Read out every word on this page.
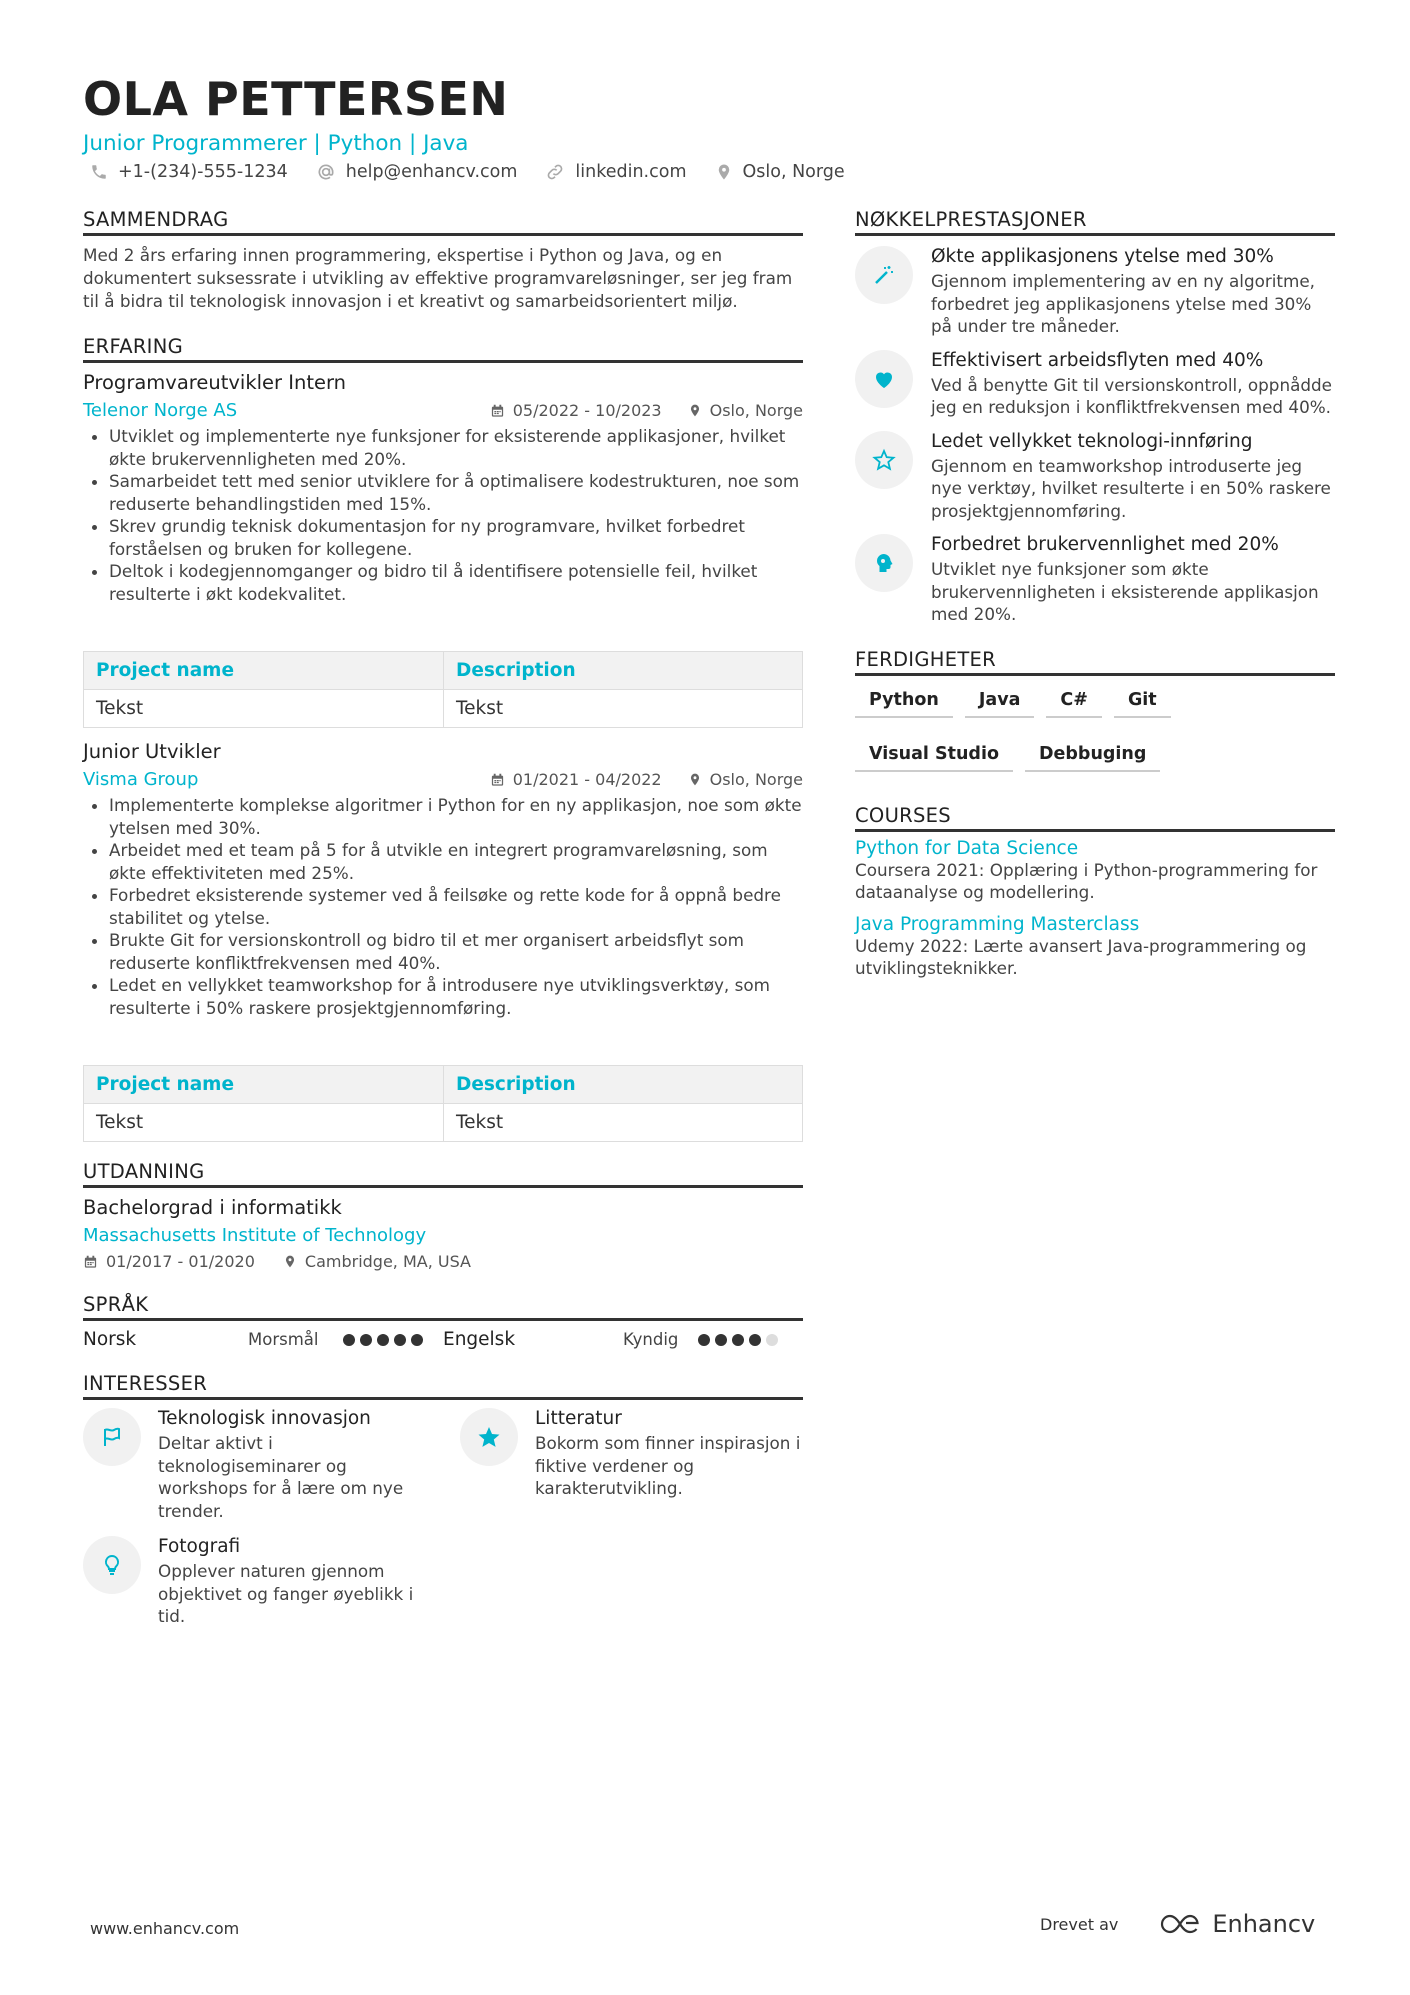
OLA PETTERSEN
Junior Programmerer | Python | Java
+1-(234)-555-1234	help@enhancv.com	linkedin.com	Oslo, Norge
SAMMENDRAG
Med 2 års erfaring innen programmering, ekspertise i Python og Java, og en dokumentert suksessrate i utvikling av effektive programvareløsninger, ser jeg fram til å bidra til teknologisk innovasjon i et kreativt og samarbeidsorientert miljø.
ERFARING
Programvareutvikler Intern
Telenor Norge AS	05/2022 - 10/2023	Oslo, Norge
• Utviklet og implementerte nye funksjoner for eksisterende applikasjoner, hvilket økte brukervennligheten med 20%.
• Samarbeidet tett med senior utviklere for å optimalisere kodestrukturen, noe som reduserte behandlingstiden med 15%.
• Skrev grundig teknisk dokumentasjon for ny programvare, hvilket forbedret forståelsen og bruken for kollegene.
• Deltok i kodegjennomganger og bidro til å identifisere potensielle feil, hvilket resulterte i økt kodekvalitet.
Project name	Description
Tekst	Tekst
Junior Utvikler
Visma Group	01/2021 - 04/2022	Oslo, Norge
• Implementerte komplekse algoritmer i Python for en ny applikasjon, noe som økte ytelsen med 30%.
• Arbeidet med et team på 5 for å utvikle en integrert programvareløsning, som økte effektiviteten med 25%.
• Forbedret eksisterende systemer ved å feilsøke og rette kode for å oppnå bedre stabilitet og ytelse.
• Brukte Git for versionskontroll og bidro til et mer organisert arbeidsflyt som reduserte konfliktfrekvensen med 40%.
• Ledet en vellykket teamworkshop for å introdusere nye utviklingsverktøy, som resulterte i 50% raskere prosjektgjennomføring.
Project name	Description
Tekst	Tekst
UTDANNING
Bachelorgrad i informatikk
Massachusetts Institute of Technology
01/2017 - 01/2020	Cambridge, MA, USA
SPRÅK
Norsk	Morsmål	Engelsk	Kyndig
INTERESSER
Teknologisk innovasjon
Deltar aktivt i teknologiseminarer og workshops for å lære om nye trender.
Litteratur
Bokorm som finner inspirasjon i fiktive verdener og karakterutvikling.
Fotografi
Opplever naturen gjennom objektivet og fanger øyeblikk i tid.
NØKKELPRESTASJONER
Økte applikasjonens ytelse med 30%
Gjennom implementering av en ny algoritme, forbedret jeg applikasjonens ytelse med 30% på under tre måneder.
Effektivisert arbeidsflyten med 40%
Ved å benytte Git til versionskontroll, oppnådde jeg en reduksjon i konfliktfrekvensen med 40%.
Ledet vellykket teknologi-innføring
Gjennom en teamworkshop introduserte jeg nye verktøy, hvilket resulterte i en 50% raskere prosjektgjennomføring.
Forbedret brukervennlighet med 20%
Utviklet nye funksjoner som økte brukervennligheten i eksisterende applikasjon med 20%.
FERDIGHETER
Python	Java	C#	Git
Visual Studio	Debbuging
COURSES
Python for Data Science
Coursera 2021: Opplæring i Python-programmering for dataanalyse og modellering.
Java Programming Masterclass
Udemy 2022: Lærte avansert Java-programmering og utviklingsteknikker.
www.enhancv.com	Drevet av	Enhancv
